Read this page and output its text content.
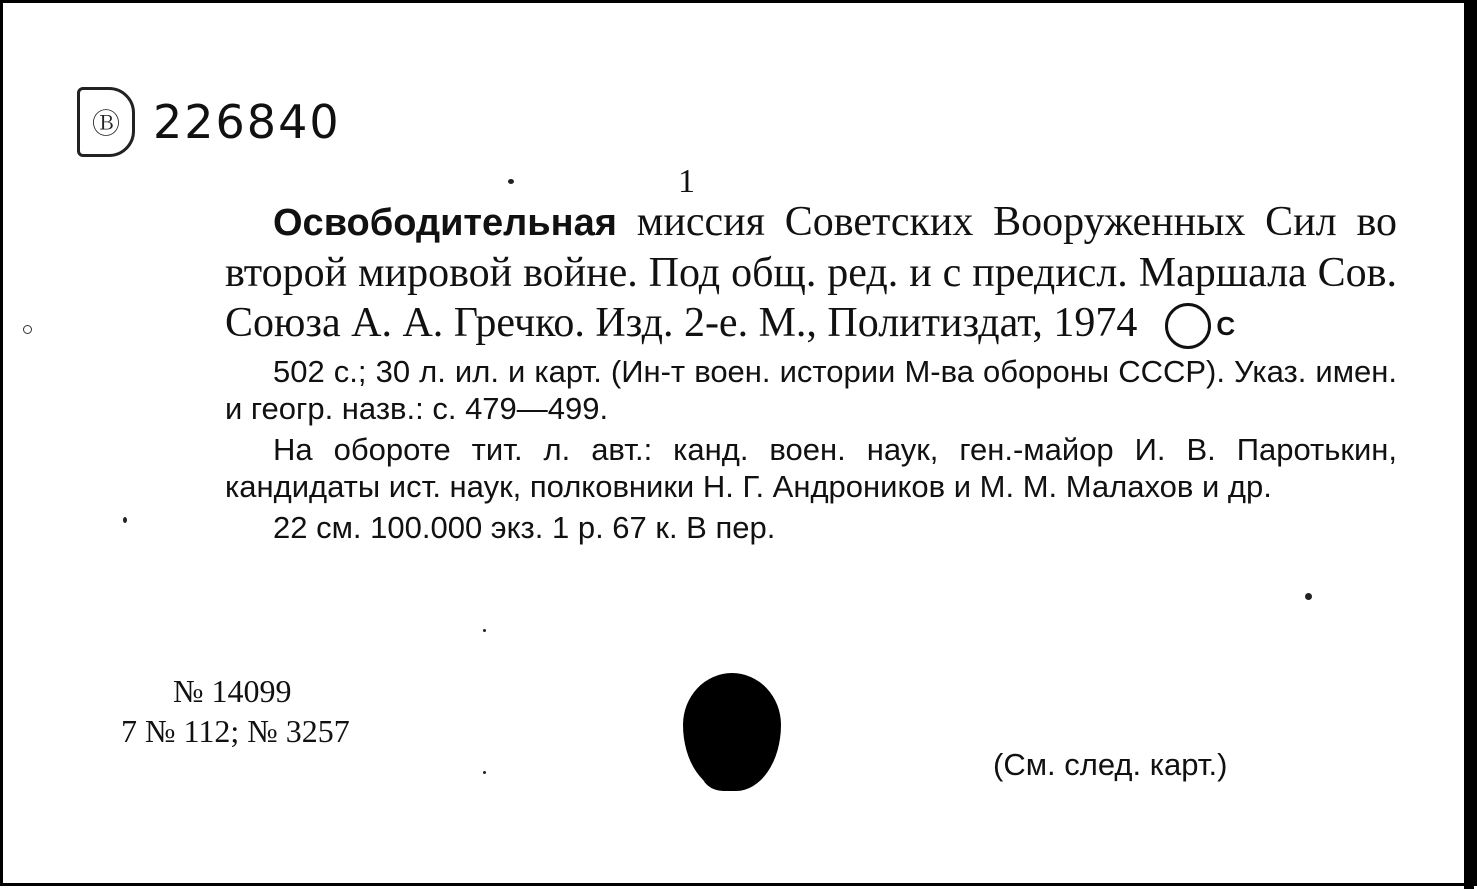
Ⓑ 226840
1

Освободительная миссия Советских Вооруженных Сил во второй мировой войне. Под общ. ред. и с предисл. Маршала Сов. Союза А. А. Гречко. Изд. 2-е. М., Политиздат, 1974	C

502 с.; 30 л. ил. и карт. (Ин-т воен. истории М-ва обороны СССР). Указ. имен. и геогр. назв.: с. 479—499.

На обороте тит. л. авт.: канд. воен. наук, ген.-майор И. В. Паротькин, кандидаты ист. наук, полковники Н. Г. Андроников и М. М. Малахов и др.

22 см. 100.000 экз. 1 р. 67 к. В пер.

№ 14099
7 № 112; № 3257
(См. след. карт.)
